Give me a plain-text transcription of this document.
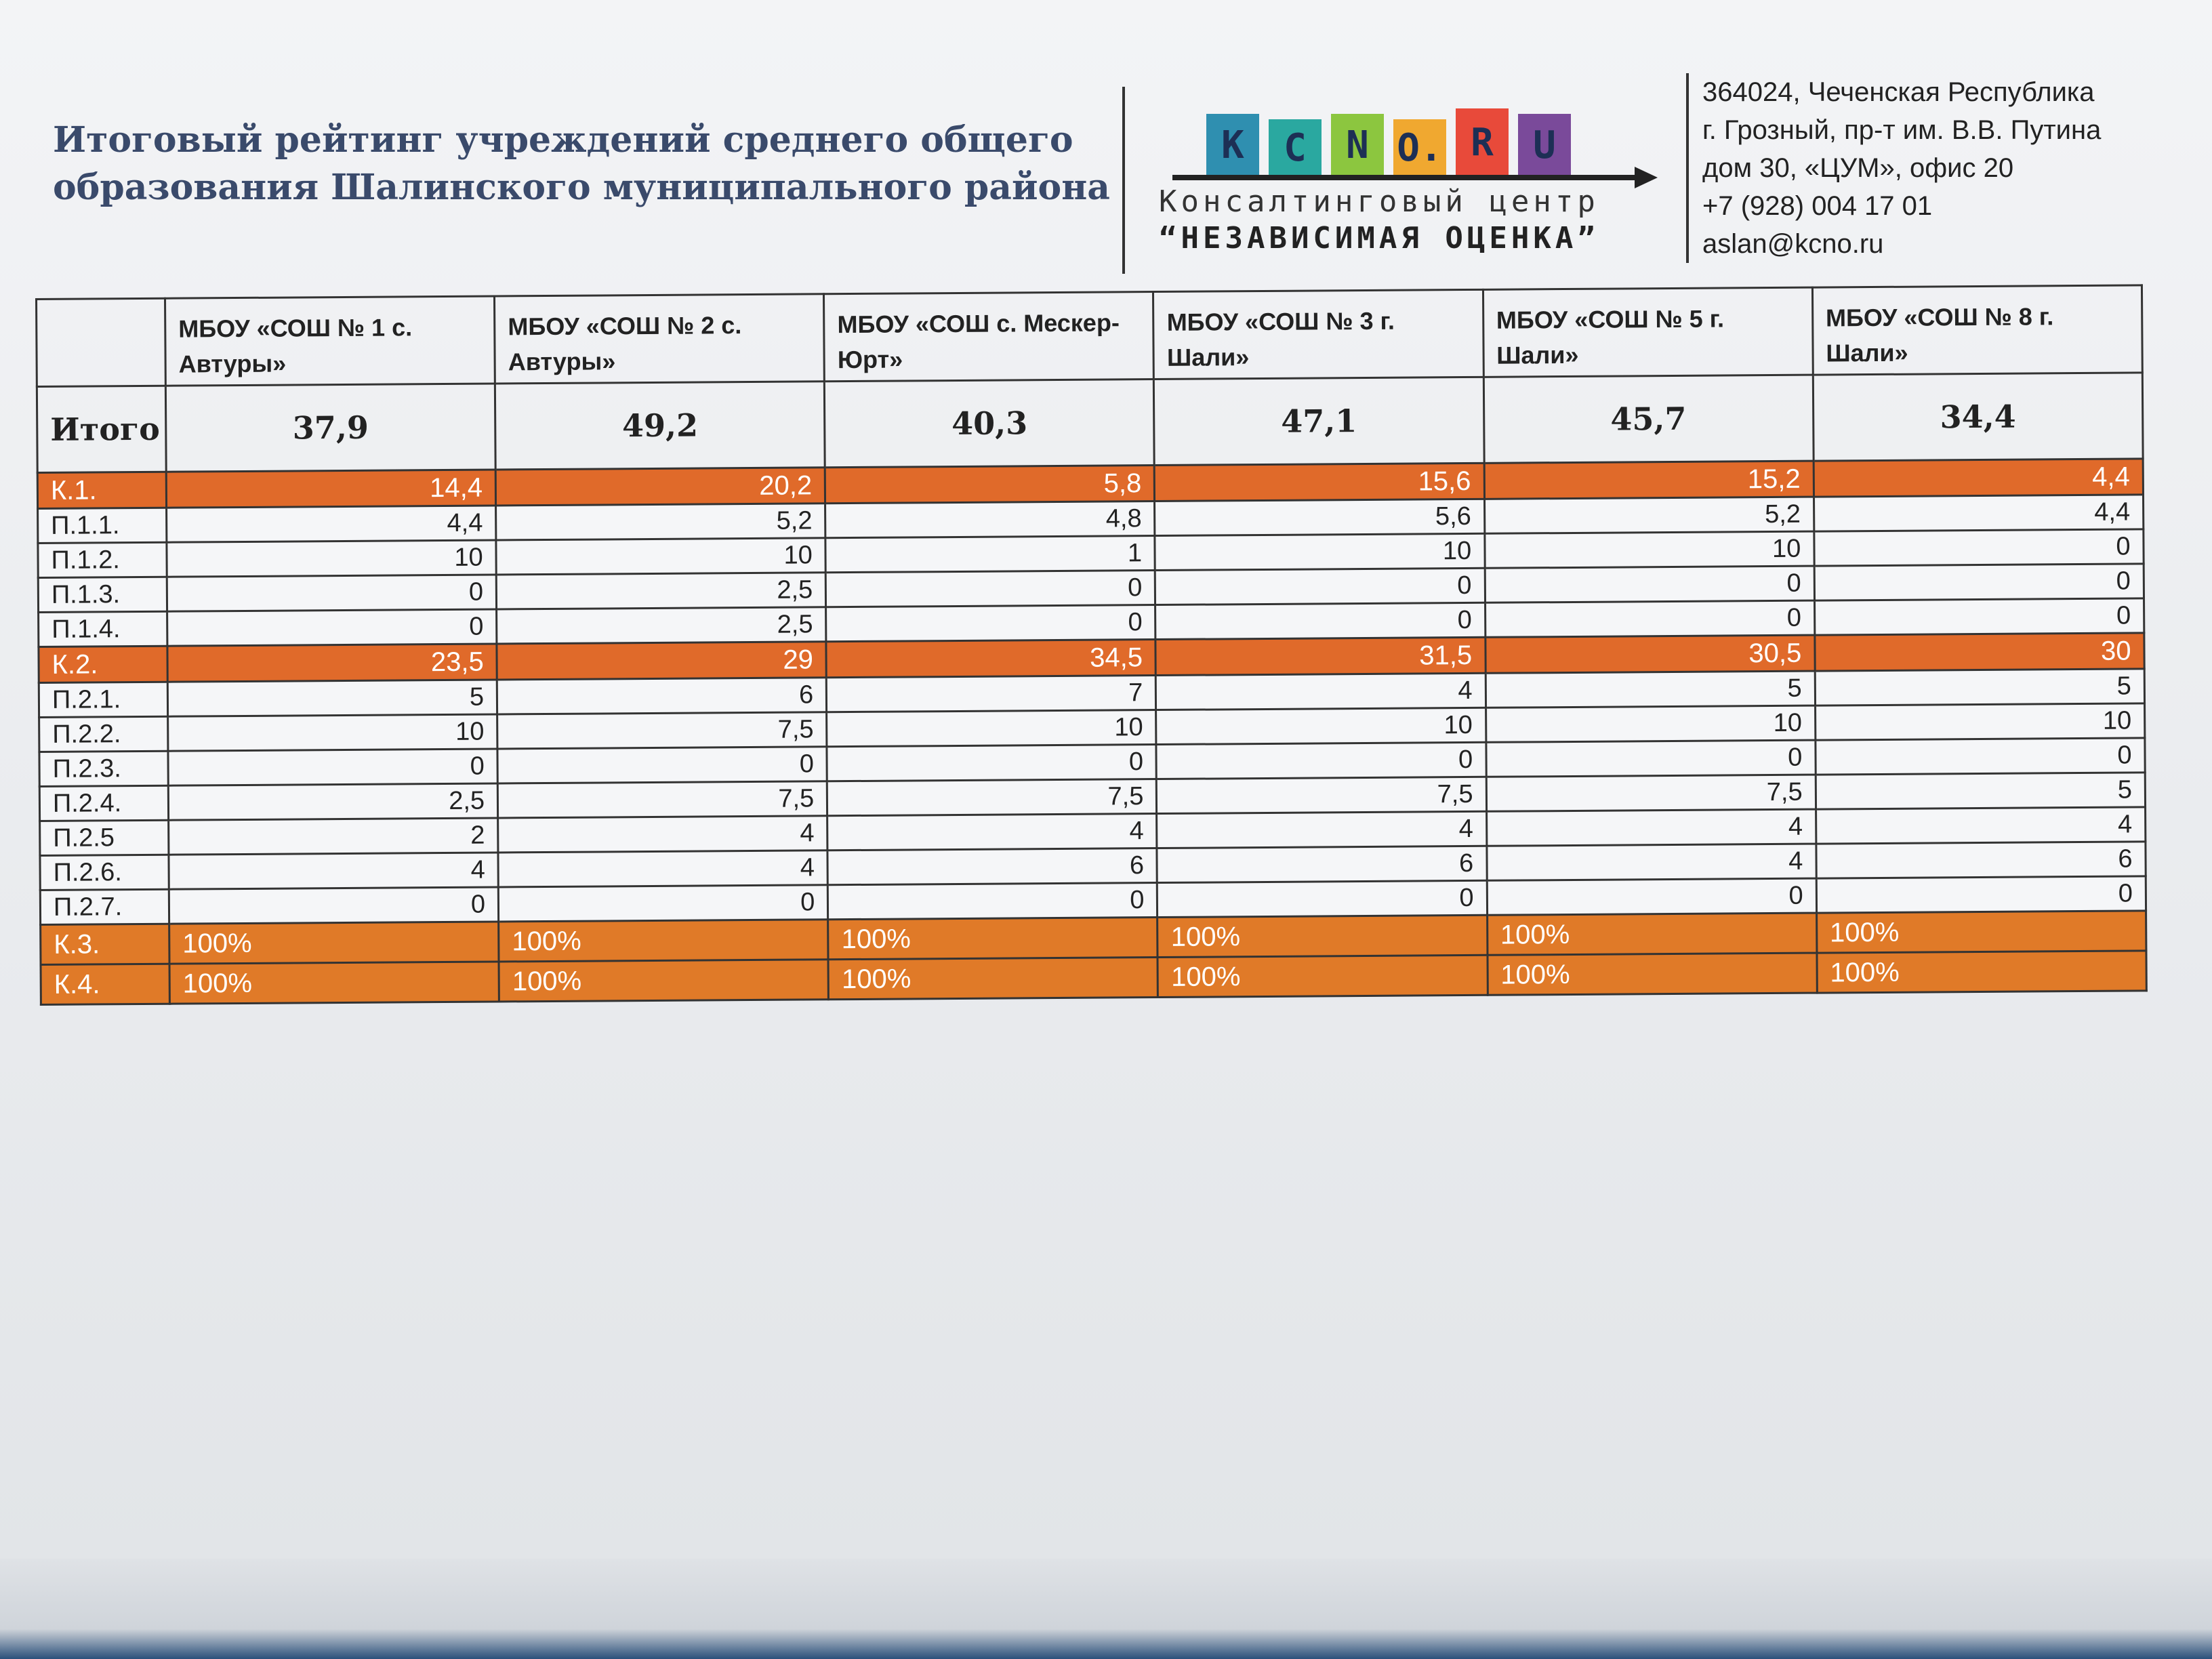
Итоговый рейтинг учреждений среднего общего образования Шалинского муниципального района
K	C	N O. R	U
Консалтинговый центр
“НЕЗАВИСИМАЯ ОЦЕНКА”
364024, Чеченская Республика
г. Грозный, пр-т им. В.В. Путина
дом 30, «ЦУМ», офис 20
+7 (928) 004 17 01
aslan@kcno.ru
	МБОУ «СОШ № 1 с. Автуры»	МБОУ «СОШ № 2 с. Автуры»	МБОУ «СОШ с. Мескер-Юрт»	МБОУ «СОШ № 3 г. Шали»	МБОУ «СОШ № 5 г. Шали»	МБОУ «СОШ № 8 г. Шали»
Итого	37,9	49,2	40,3	47,1	45,7	34,4
К.1.	14,4	20,2	5,8	15,6	15,2	4,4
П.1.1.	4,4	5,2	4,8	5,6	5,2	4,4
П.1.2.	10	10	1	10	10	0
П.1.3.	0	2,5	0	0	0	0
П.1.4.	0	2,5	0	0	0	0
К.2.	23,5	29	34,5	31,5	30,5	30
П.2.1.	5	6	7	4	5	5
П.2.2.	10	7,5	10	10	10	10
П.2.3.	0	0	0	0	0	0
П.2.4.	2,5	7,5	7,5	7,5	7,5	5
П.2.5	2	4	4	4	4	4
П.2.6.	4	4	6	6	4	6
П.2.7.	0	0	0	0	0	0
К.3.	100%	100%	100%	100%	100%	100%
К.4.	100%	100%	100%	100%	100%	100%
